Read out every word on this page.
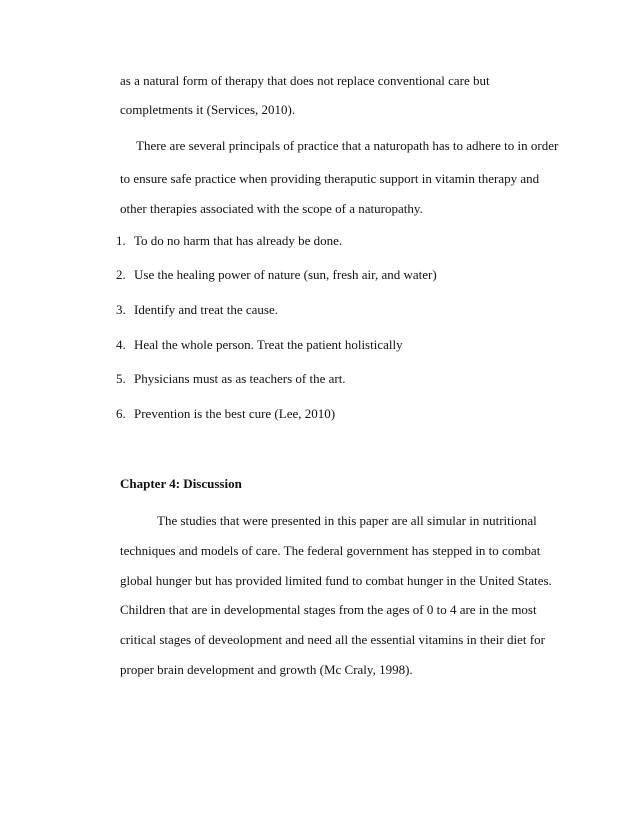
as a natural form of therapy that does not replace conventional care but
completments it (Services, 2010).
There are several principals of practice that a naturopath has to adhere to in order
to ensure safe practice when providing theraputic support in vitamin therapy and
other therapies associated with the scope of a naturopathy.
1. To do no harm that has already be done.
2. Use the healing power of nature (sun, fresh air, and water)
3. Identify and treat the cause.
4. Heal the whole person. Treat the patient holistically
5. Physicians must as as teachers of the art.
6. Prevention is the best cure (Lee, 2010)
Chapter 4: Discussion
The studies that were presented in this paper are all simular in nutritional
techniques and models of care. The federal government has stepped in to combat
global hunger but has provided limited fund to combat hunger in the United States.
Children that are in developmental stages from the ages of 0 to 4 are in the most
critical stages of deveolopment and need all the essential vitamins in their diet for
proper brain development and growth (Mc Craly, 1998).
